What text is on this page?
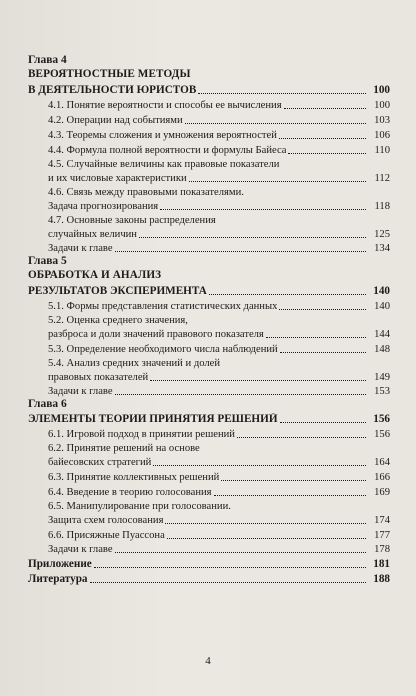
Глава 4
ВЕРОЯТНОСТНЫЕ МЕТОДЫ
В ДЕЯТЕЛЬНОСТИ ЮРИСТОВ	100
4.1. Понятие вероятности и способы ее вычисления	100
4.2. Операции над событиями	103
4.3. Теоремы сложения и умножения вероятностей	106
4.4. Формула полной вероятности и формулы Байеса	110
4.5. Случайные величины как правовые показатели
и их числовые характеристики	112
4.6. Связь между правовыми показателями.
Задача прогнозирования	118
4.7. Основные законы распределения
случайных величин	125
Задачи к главе	134
Глава 5
ОБРАБОТКА И АНАЛИЗ
РЕЗУЛЬТАТОВ ЭКСПЕРИМЕНТА	140
5.1. Формы представления статистических данных	140
5.2. Оценка среднего значения,
разброса и доли значений правового показателя	144
5.3. Определение необходимого числа наблюдений	148
5.4. Анализ средних значений и долей
правовых показателей	149
Задачи к главе	153
Глава 6
ЭЛЕМЕНТЫ ТЕОРИИ ПРИНЯТИЯ РЕШЕНИЙ	156
6.1. Игровой подход в принятии решений	156
6.2. Принятие решений на основе
байесовских стратегий	164
6.3. Принятие коллективных решений	166
6.4. Введение в теорию голосования	169
6.5. Манипулирование при голосовании.
Защита схем голосования	174
6.6. Присяжные Пуассона	177
Задачи к главе	178
Приложение	181
Литература	188
4
